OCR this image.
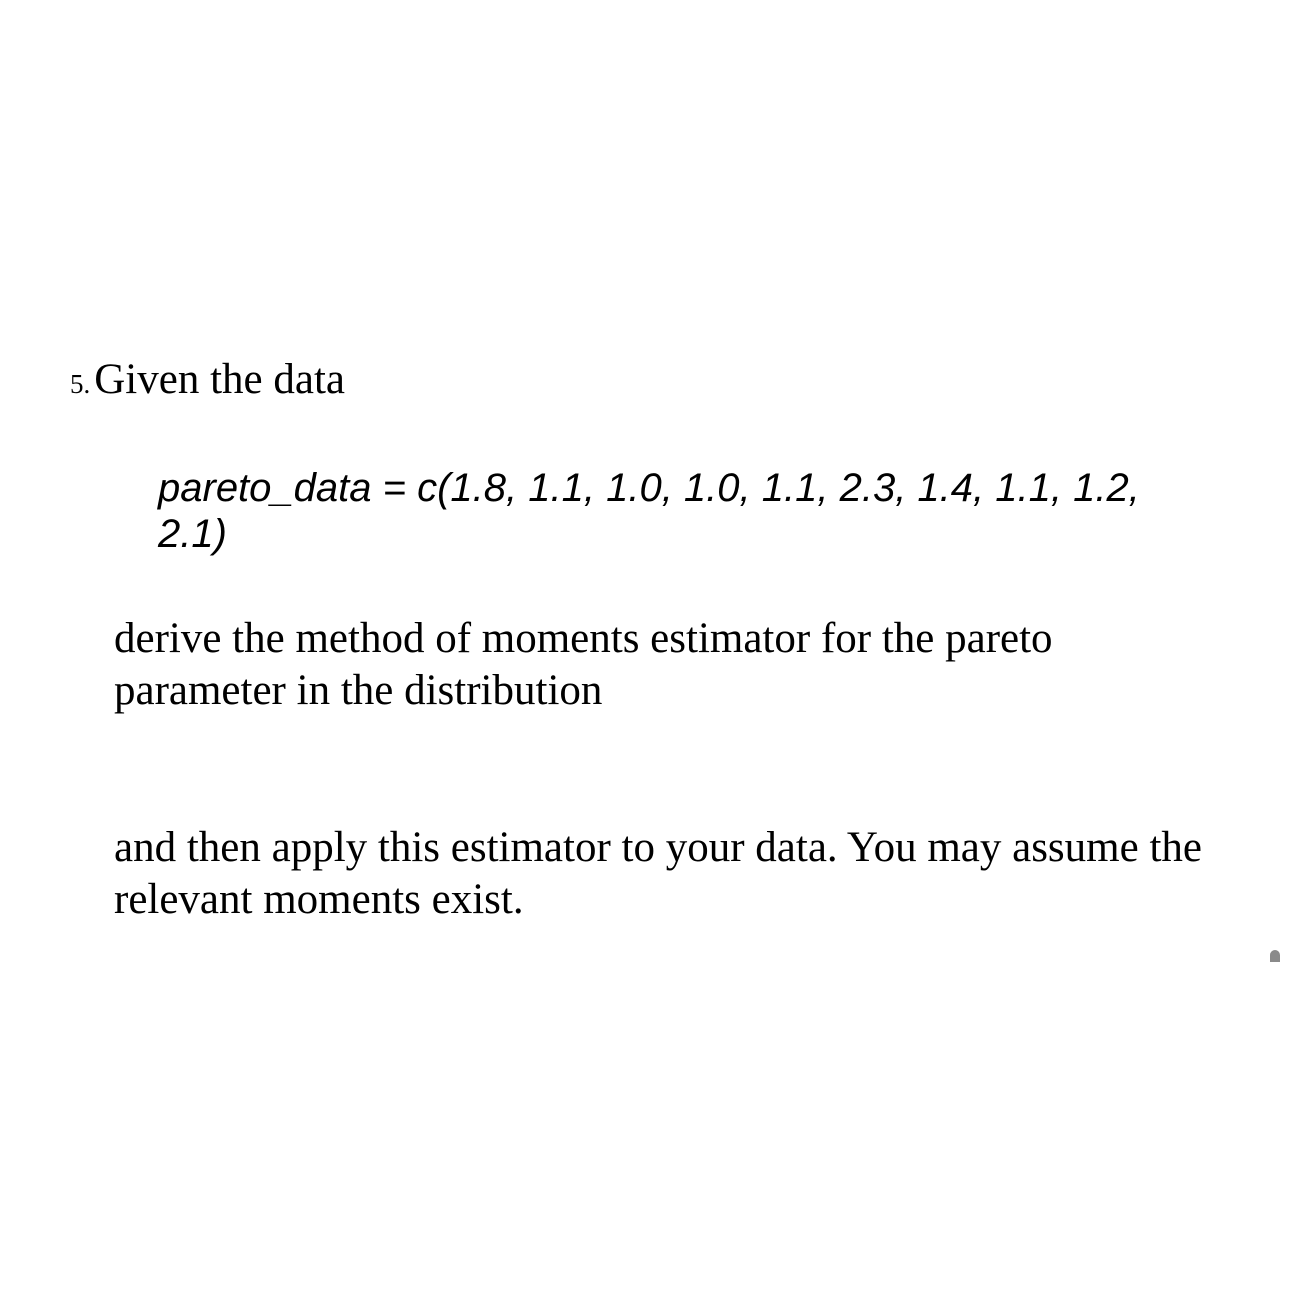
5. Given the data
pareto_data = c(1.8, 1.1, 1.0, 1.0, 1.1, 2.3, 1.4, 1.1, 1.2, 2.1)
derive the method of moments estimator for the pareto parameter in the distribution
and then apply this estimator to your data. You may assume the relevant moments exist.
